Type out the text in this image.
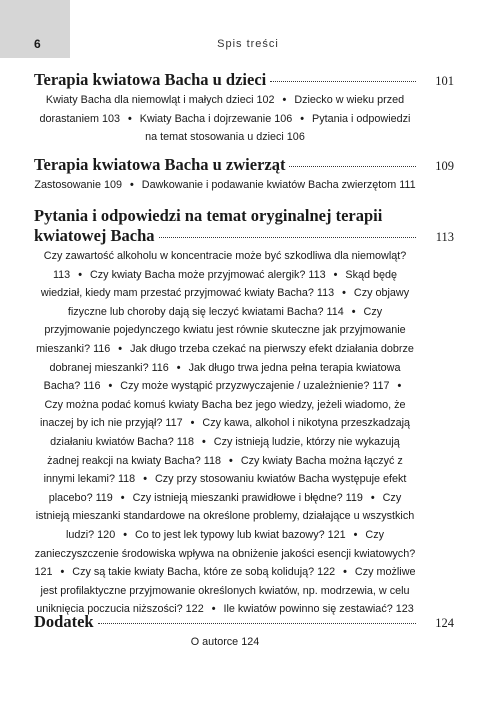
6	Spis treści
Terapia kwiatowa Bacha u dzieci	101
Kwiaty Bacha dla niemowląt i małych dzieci 102 • Dziecko w wieku przed dorastaniem 103 • Kwiaty Bacha i dojrzewanie 106 • Pytania i odpowiedzi na temat stosowania u dzieci 106
Terapia kwiatowa Bacha u zwierząt	109
Zastosowanie 109 • Dawkowanie i podawanie kwiatów Bacha zwierzętom 111
Pytania i odpowiedzi na temat oryginalnej terapii
kwiatowej Bacha	113
Czy zawartość alkoholu w koncentracie może być szkodliwa dla niemowląt? 113 • Czy kwiaty Bacha może przyjmować alergik? 113 • Skąd będę wiedział, kiedy mam przestać przyjmować kwiaty Bacha? 113 • Czy objawy fizyczne lub choroby dają się leczyć kwiatami Bacha? 114 • Czy przyjmowanie pojedynczego kwiatu jest równie skuteczne jak przyjmowanie mieszanki? 116 • Jak długo trzeba czekać na pierwszy efekt działania dobrze dobranej mieszanki? 116 • Jak długo trwa jedna pełna terapia kwiatowa Bacha? 116 • Czy może wystąpić przyzwyczajenie / uzależnienie? 117 • Czy można podać komuś kwiaty Bacha bez jego wiedzy, jeżeli wiadomo, że inaczej by ich nie przyjął? 117 • Czy kawa, alkohol i nikotyna przeszkadzają działaniu kwiatów Bacha? 118 • Czy istnieją ludzie, którzy nie wykazują żadnej reakcji na kwiaty Bacha? 118 • Czy kwiaty Bacha można łączyć z innymi lekami? 118 • Czy przy stosowaniu kwiatów Bacha występuje efekt placebo? 119 • Czy istnieją mieszanki prawidłowe i błędne? 119 • Czy istnieją mieszanki standardowe na określone problemy, działające u wszystkich ludzi? 120 • Co to jest lek typowy lub kwiat bazowy? 121 • Czy zanieczyszczenie środowiska wpływa na obniżenie jakości esencji kwiatowych? 121 • Czy są takie kwiaty Bacha, które ze sobą kolidują? 122 • Czy możliwe jest profilaktyczne przyjmowanie określonych kwiatów, np. modrzewia, w celu uniknięcia poczucia niższości? 122 • Ile kwiatów powinno się zestawiać? 123
Dodatek	124
O autorce 124
